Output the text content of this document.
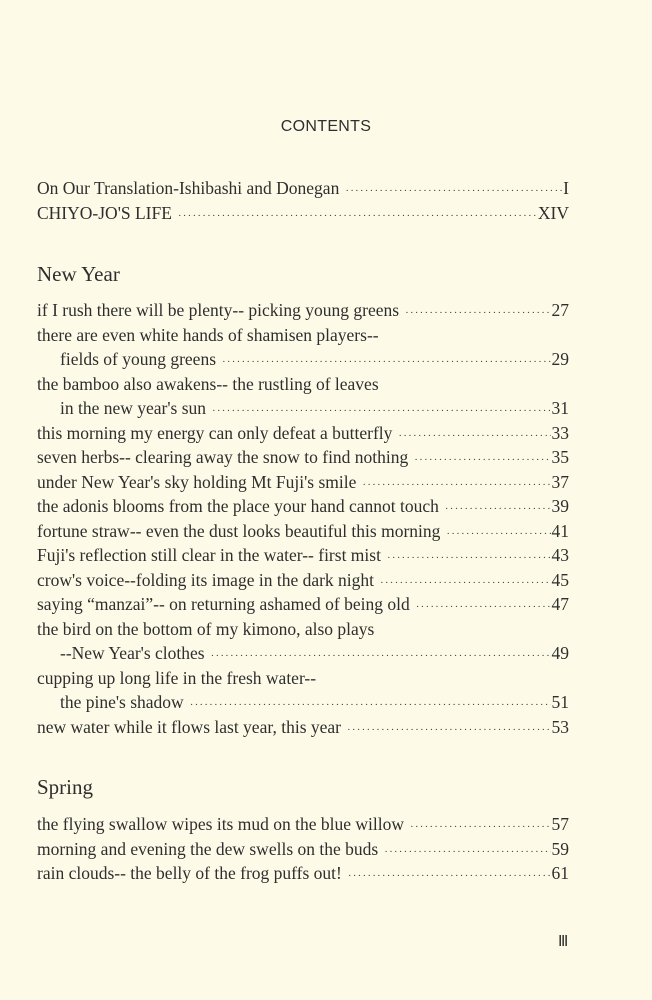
CONTENTS
On Our Translation-Ishibashi and Donegan ·····	I
CHIYO-JO'S LIFE ·····	XIV
New Year
if I rush there will be plenty-- picking young greens ·····	27
there are even white hands of shamisen players--
fields of young greens ·····	29
the bamboo also awakens-- the rustling of leaves
in the new year's sun ·····	31
this morning my energy can only defeat a butterfly ·····	33
seven herbs-- clearing away the snow to find nothing ·····	35
under New Year's sky holding Mt Fuji's smile ·····	37
the adonis blooms from the place your hand cannot touch ·····	39
fortune straw-- even the dust looks beautiful this morning ·····	41
Fuji's reflection still clear in the water-- first mist ·····	43
crow's voice--folding its image in the dark night ·····	45
saying “manzai”-- on returning ashamed of being old ·····	47
the bird on the bottom of my kimono, also plays
--New Year's clothes ·····	49
cupping up long life in the fresh water--
the pine's shadow ·····	51
new water while it flows last year, this year ·····	53
Spring
the flying swallow wipes its mud on the blue willow ·····	57
morning and evening the dew swells on the buds ·····	59
rain clouds-- the belly of the frog puffs out! ·····	61
Ⅲ
